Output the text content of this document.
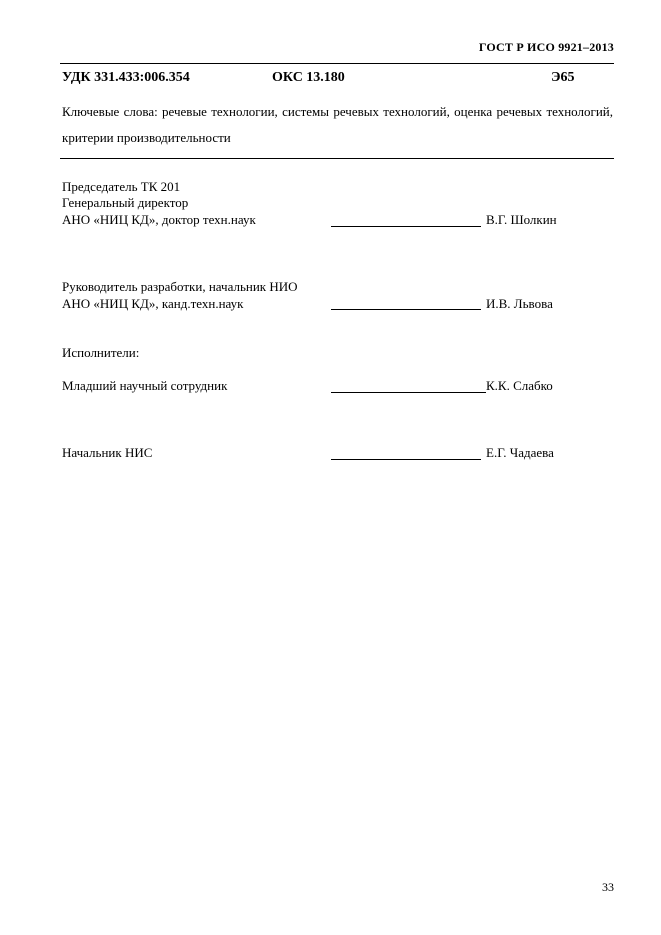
ГОСТ Р ИСО 9921–2013
УДК 331.433:006.354	ОКС 13.180	Э65
Ключевые слова: речевые технологии, системы речевых технологий, оценка речевых технологий, критерии производительности
Председатель ТК 201
Генеральный директор
АНО «НИЦ КД», доктор техн.наук	В.Г. Шолкин
Руководитель разработки, начальник НИО
АНО «НИЦ КД», канд.техн.наук	И.В. Львова
Исполнители:
Младший научный сотрудник	К.К. Слабко
Начальник НИС	Е.Г. Чадаева
33
